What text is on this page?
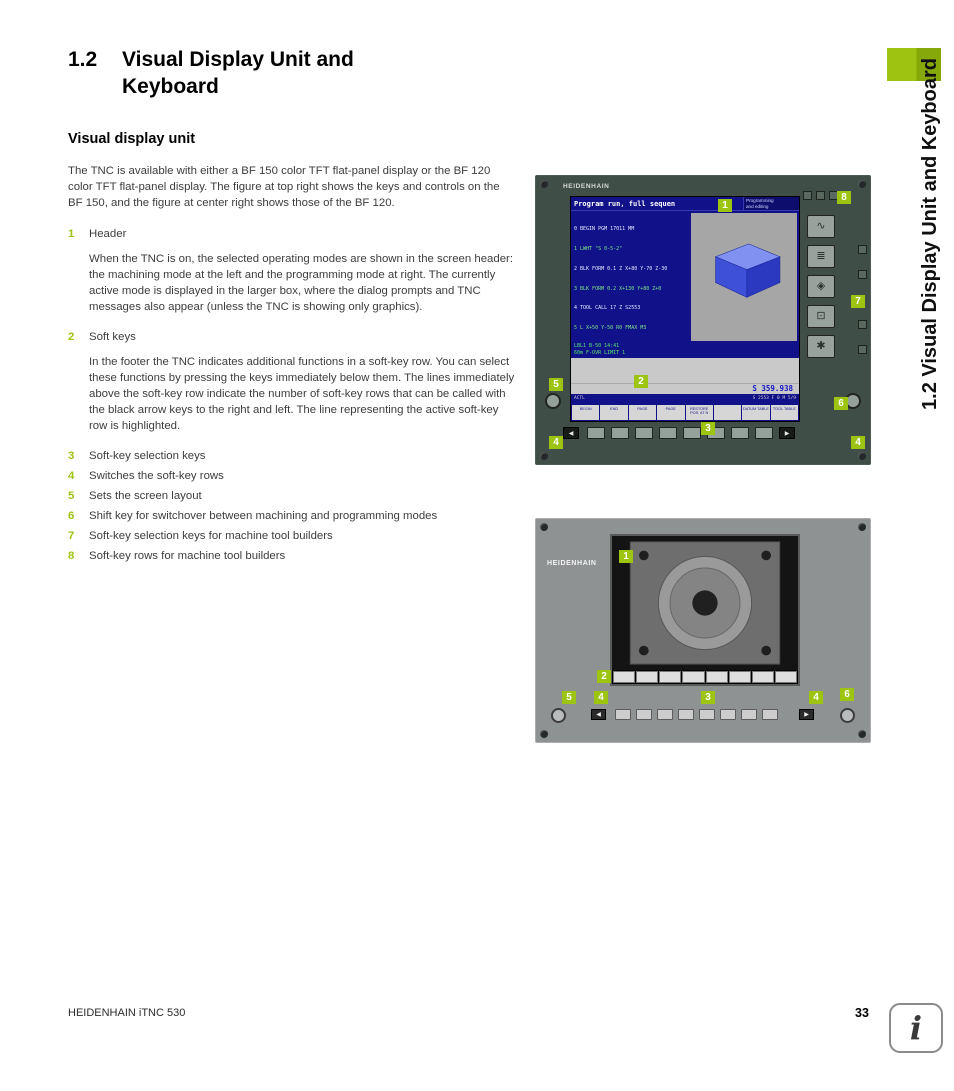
1.2	Visual Display Unit and Keyboard
Visual display unit

The TNC is available with either a BF 150 color TFT flat-panel display or the BF 120 color TFT flat-panel display. The figure at top right shows the keys and controls on the BF 150, and the figure at center right shows those of the BF 120.

1	Header

When the TNC is on, the selected operating modes are shown in the screen header: the machining mode at the left and the programming mode at right. The currently active mode is displayed in the larger box, where the dialog prompts and TNC messages also appear (unless the TNC is showing only graphics).

2	Soft keys

In the footer the TNC indicates additional functions in a soft-key row. You can select these functions by pressing the keys immediately below them. The lines immediately above the soft-key row indicate the number of soft-key rows that can be called with the black arrow keys to the right and left. The line representing the active soft-key row is highlighted.

3	Soft-key selection keys
4	Switches the soft-key rows
5	Sets the screen layout
6	Shift key for switchover between machining and programming modes
7	Soft-key selection keys for machine tool builders
8	Soft-key rows for machine tool builders
HEIDENHAIN
Program run, full sequen	Programming
and editing

0 BEGIN PGM 17011 MM

1 LWHT "S 0-5-2"

2 BLK FORM 0.1 Z X+80 Y-70 Z-30

3 BLK FORM 0.2 X+130 Y+80 Z+0

4 TOOL CALL 17 Z S2553

5 L X+50 Y-50 R0 FMAX M3

LBL1 B-50 14:41
60m F-OVR LIMIT 1

S 359.938
ACTL	S 2553 F 0 M 5/9
BEGIN	END	PAGE	PAGE	RESTORE POS. AT N
DATUM TABLE	TOOL TABLE
∿
≣
◈
⊡
✱
◀	▶
1
8
7
5	2
6
3
4	4
HEIDENHAIN
◀	▶
1
2
5	4	3	4	6
1.2 Visual Display Unit and Keyboard
HEIDENHAIN iTNC 530	33 i
